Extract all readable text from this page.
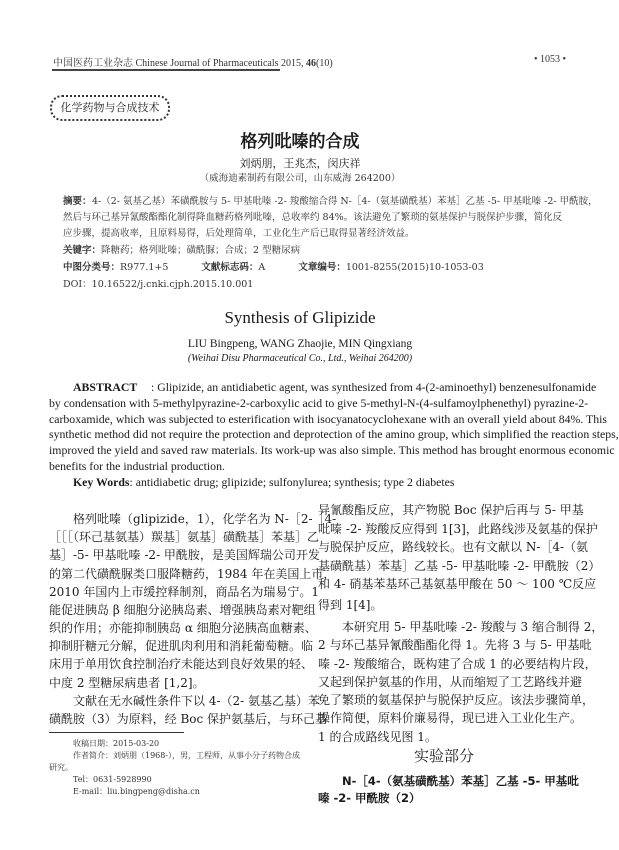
中国医药工业杂志 Chinese Journal of Pharmaceuticals 2015, 46(10)	• 1053 •
化学药物与合成技术
格列吡嗪的合成
刘炳朋，王兆杰，闵庆祥
（威海迪素制药有限公司，山东威海 264200）
摘要： 4-（2- 氨基乙基）苯磺酰胺与 5- 甲基吡嗪 -2- 羧酸缩合得 N-［4-（氨基磺酰基）苯基］乙基 -5- 甲基吡嗪 -2- 甲酰胺，
然后与环己基异氰酸酯酯化制得降血糖药格列吡嗪，总收率约 84%。该法避免了繁琐的氨基保护与脱保护步骤，简化反
应步骤，提高收率，且原料易得，后处理简单，工业化生产后已取得显著经济效益。
关键字：降糖药；格列吡嗪；磺酰脲；合成；2 型糖尿病
中图分类号：R977.1+5	文献标志码：A	文章编号：1001-8255(2015)10-1053-03
DOI：10.16522/j.cnki.cjph.2015.10.001
Synthesis of Glipizide
LIU Bingpeng, WANG Zhaojie, MIN Qingxiang
(Weihai Disu Pharmaceutical Co., Ltd., Weihai 264200)
ABSTRACT : Glipizide, an antidiabetic agent, was synthesized from 4-(2-aminoethyl) benzenesulfonamide
by condensation with 5-methylpyrazine-2-carboxylic acid to give 5-methyl-N-(4-sulfamoylphenethyl) pyrazine-2-
carboxamide, which was subjected to esterification with isocyanatocyclohexane with an overall yield about 84%. This
synthetic method did not require the protection and deprotection of the amino group, which simplified the reaction steps,
improved the yield and saved raw materials. Its work-up was also simple. This method has brought enormous economic
benefits for the industrial production.
Key Words: antidiabetic drug; glipizide; sulfonylurea; synthesis; type 2 diabetes
格列吡嗪（glipizide，1），化学名为 N-［2-［4-
［［［（环己基氨基）羰基］氨基］磺酰基］苯基］乙
基］-5- 甲基吡嗪 -2- 甲酰胺，是美国辉瑞公司开发
的第二代磺酰脲类口服降糖药，1984 年在美国上市，
2010 年国内上市缓控释制剂，商品名为瑞易宁。1
能促进胰岛 β 细胞分泌胰岛素、增强胰岛素对靶组
织的作用；亦能抑制胰岛 α 细胞分泌胰高血糖素、
抑制肝糖元分解，促进肌肉利用和消耗葡萄糖。临
床用于单用饮食控制治疗未能达到良好效果的轻、
中度 2 型糖尿病患者 [1,2]。
文献在无水碱性条件下以 4-（2- 氨基乙基）苯
磺酰胺（3）为原料，经 Boc 保护氨基后，与环己基
异氰酸酯反应，其产物脱 Boc 保护后再与 5- 甲基
吡嗪 -2- 羧酸反应得到 1[3]，此路线涉及氨基的保护
与脱保护反应，路线较长。也有文献以 N-［4-（氨
基磺酰基）苯基］乙基 -5- 甲基吡嗪 -2- 甲酰胺（2）
和 4- 硝基苯基环己基氨基甲酸在 50 ～ 100 ℃反应
得到 1[4]。
本研究用 5- 甲基吡嗪 -2- 羧酸与 3 缩合制得 2，
2 与环己基异氰酸酯酯化得 1。先将 3 与 5- 甲基吡
嗪 -2- 羧酸缩合，既构建了合成 1 的必要结构片段，
又起到保护氨基的作用，从而缩短了工艺路线并避
免了繁琐的氨基保护与脱保护反应。该法步骤简单，
操作简便，原料价廉易得，现已进入工业化生产。
1 的合成路线见图 1。
实验部分
N-［4-（氨基磺酰基）苯基］乙基 -5- 甲基吡
嗪 -2- 甲酰胺（2）
收稿日期：2015-03-20
作者简介：刘炳朋（1968-），男，工程师，从事小分子药物合成
研究。
Tel：0631-5928990
E-mail：liu.bingpeng@disha.cn
